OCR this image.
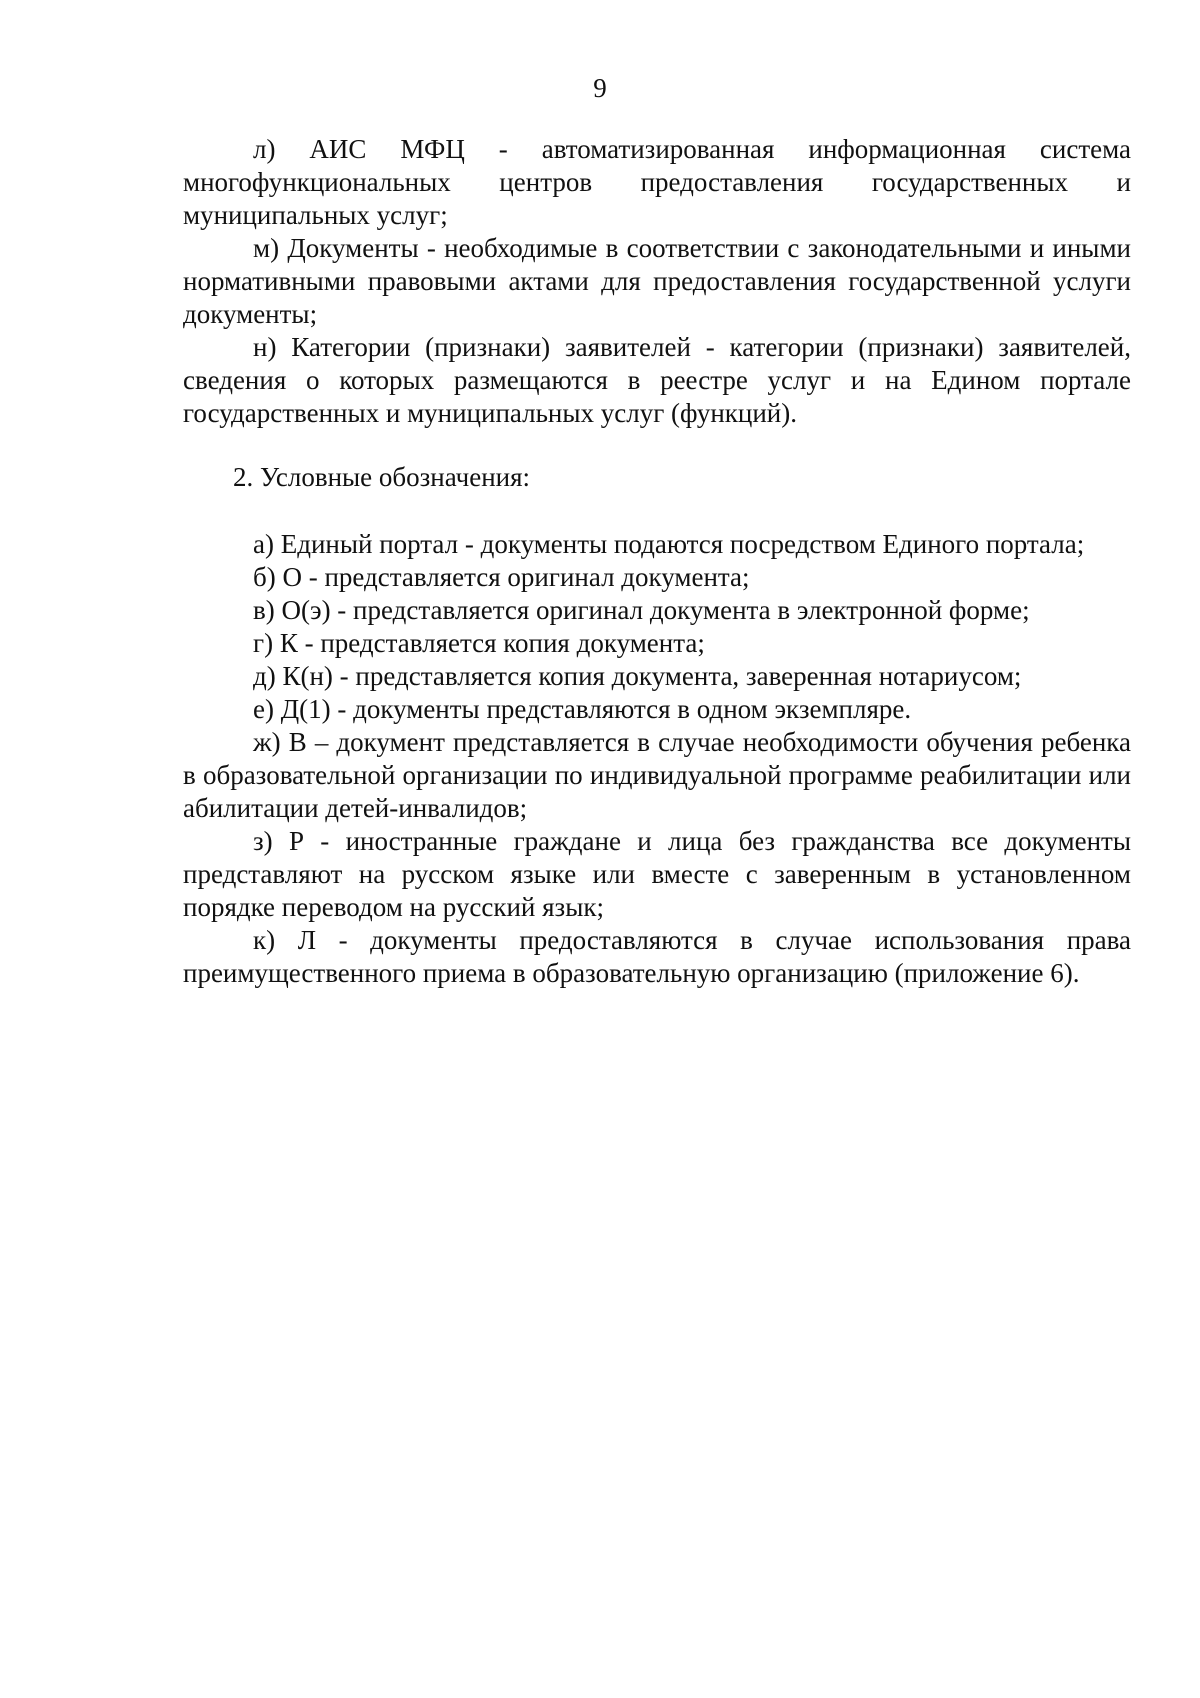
9

л) АИС МФЦ - автоматизированная информационная система многофункциональных центров предоставления государственных и муниципальных услуг;

м) Документы - необходимые в соответствии с законодательными и иными нормативными правовыми актами для предоставления государственной услуги документы;

н) Категории (признаки) заявителей - категории (признаки) заявителей, сведения о которых размещаются в реестре услуг и на Едином портале государственных и муниципальных услуг (функций).

2. Условные обозначения:

а) Единый портал - документы подаются посредством Единого портала;

б) О - представляется оригинал документа;

в) О(э) - представляется оригинал документа в электронной форме;

г) К - представляется копия документа;

д) К(н) - представляется копия документа, заверенная нотариусом;

е) Д(1) - документы представляются в одном экземпляре.

ж) В – документ представляется в случае необходимости обучения ребенка в образовательной организации по индивидуальной программе реабилитации или абилитации детей-инвалидов;

з) Р - иностранные граждане и лица без гражданства все документы представляют на русском языке или вместе с заверенным в установленном порядке переводом на русский язык;

к) Л - документы предоставляются в случае использования права преимущественного приема в образовательную организацию (приложение 6).
